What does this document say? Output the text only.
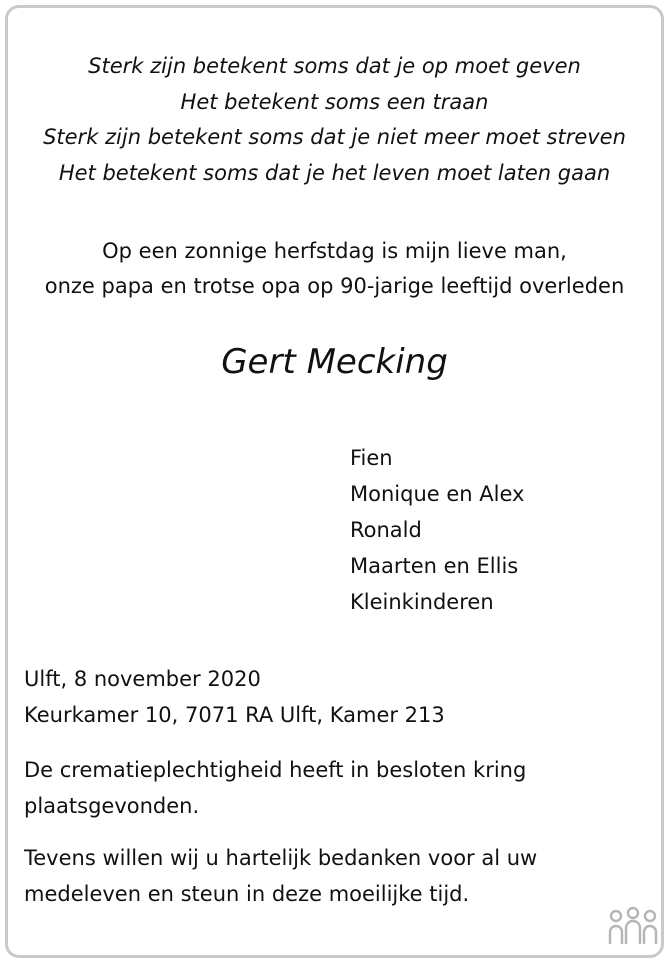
Sterk zijn betekent soms dat je op moet geven
Het betekent soms een traan
Sterk zijn betekent soms dat je niet meer moet streven
Het betekent soms dat je het leven moet laten gaan
Op een zonnige herfstdag is mijn lieve man,
onze papa en trotse opa op 90-jarige leeftijd overleden
Gert Mecking
Fien
Monique en Alex
Ronald
Maarten en Ellis
Kleinkinderen
Ulft, 8 november 2020
Keurkamer 10, 7071 RA Ulft, Kamer 213
De crematieplechtigheid heeft in besloten kring plaatsgevonden.
Tevens willen wij u hartelijk bedanken voor al uw medeleven en steun in deze moeilijke tijd.
